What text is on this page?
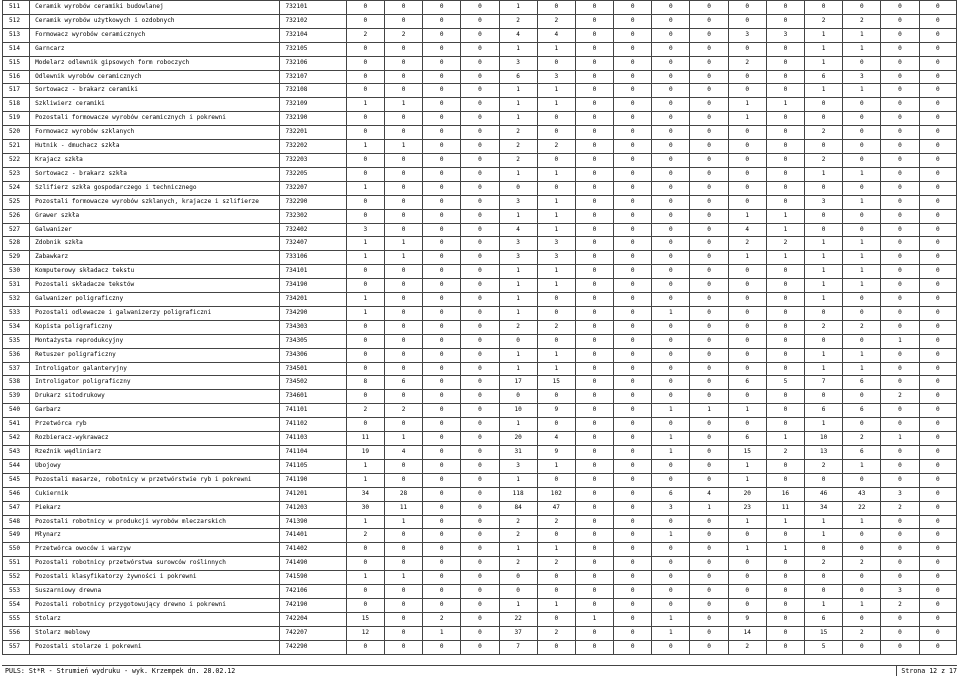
511	Ceramik wyrobów ceramiki budowlanej	732101	0	0	0	0	1	0	0	0	0	0	0	0	0	0	0	0
512	Ceramik wyrobów użytkowych i ozdobnych	732102	0	0	0	0	2	2	0	0	0	0	0	0	2	2	0	0
513	Formowacz wyrobów ceramicznych	732104	2	2	0	0	4	4	0	0	0	0	3	3	1	1	0	0
514	Garncarz	732105	0	0	0	0	1	1	0	0	0	0	0	0	1	1	0	0
515	Modelarz odlewnik gipsowych form roboczych	732106	0	0	0	0	3	0	0	0	0	0	2	0	1	0	0	0
516	Odlewnik wyrobów ceramicznych	732107	0	0	0	0	6	3	0	0	0	0	0	0	6	3	0	0
517	Sortowacz - brakarz ceramiki	732108	0	0	0	0	1	1	0	0	0	0	0	0	1	1	0	0
518	Szkliwierz ceramiki	732109	1	1	0	0	1	1	0	0	0	0	1	1	0	0	0	0
519	Pozostali formowacze wyrobów ceramicznych i pokrewni	732190	0	0	0	0	1	0	0	0	0	0	1	0	0	0	0	0
520	Formowacz wyrobów szklanych	732201	0	0	0	0	2	0	0	0	0	0	0	0	2	0	0	0
521	Hutnik - dmuchacz szkła	732202	1	1	0	0	2	2	0	0	0	0	0	0	0	0	0	0
522	Krajacz szkła	732203	0	0	0	0	2	0	0	0	0	0	0	0	2	0	0	0
523	Sortowacz - brakarz szkła	732205	0	0	0	0	1	1	0	0	0	0	0	0	1	1	0	0
524	Szlifierz szkła gospodarczego i technicznego	732207	1	0	0	0	0	0	0	0	0	0	0	0	0	0	0	0
525	Pozostali formowacze wyrobów szklanych, krajacze i szlifierze	732290	0	0	0	0	3	1	0	0	0	0	0	0	3	1	0	0
526	Grawer szkła	732302	0	0	0	0	1	1	0	0	0	0	1	1	0	0	0	0
527	Galwanizer	732402	3	0	0	0	4	1	0	0	0	0	4	1	0	0	0	0
528	Zdobnik szkła	732407	1	1	0	0	3	3	0	0	0	0	2	2	1	1	0	0
529	Zabawkarz	733106	1	1	0	0	3	3	0	0	0	0	1	1	1	1	0	0
530	Komputerowy składacz tekstu	734101	0	0	0	0	1	1	0	0	0	0	0	0	1	1	0	0
531	Pozostali składacze tekstów	734190	0	0	0	0	1	1	0	0	0	0	0	0	1	1	0	0
532	Galwanizer poligraficzny	734201	1	0	0	0	1	0	0	0	0	0	0	0	1	0	0	0
533	Pozostali odlewacze i galwanizerzy poligraficzni	734290	1	0	0	0	1	0	0	0	1	0	0	0	0	0	0	0
534	Kopista poligraficzny	734303	0	0	0	0	2	2	0	0	0	0	0	0	2	2	0	0
535	Montażysta reprodukcyjny	734305	0	0	0	0	0	0	0	0	0	0	0	0	0	0	1	0
536	Retuszer poligraficzny	734306	0	0	0	0	1	1	0	0	0	0	0	0	1	1	0	0
537	Introligator galanteryjny	734501	0	0	0	0	1	1	0	0	0	0	0	0	1	1	0	0
538	Introligator poligraficzny	734502	8	6	0	0	17	15	0	0	0	0	6	5	7	6	0	0
539	Drukarz sitodrukowy	734601	0	0	0	0	0	0	0	0	0	0	0	0	0	0	2	0
540	Garbarz	741101	2	2	0	0	10	9	0	0	1	1	1	0	6	6	0	0
541	Przetwórca ryb	741102	0	0	0	0	1	0	0	0	0	0	0	0	1	0	0	0
542	Rozbieracz-wykrawacz	741103	11	1	0	0	20	4	0	0	1	0	6	1	10	2	1	0
543	Rzeźnik wędliniarz	741104	19	4	0	0	31	9	0	0	1	0	15	2	13	6	0	0
544	Ubojowy	741105	1	0	0	0	3	1	0	0	0	0	1	0	2	1	0	0
545	Pozostali masarze, robotnicy w przetwórstwie ryb i pokrewni	741190	1	0	0	0	1	0	0	0	0	0	1	0	0	0	0	0
546	Cukiernik	741201	34	28	0	0	118	102	0	0	6	4	20	16	46	43	3	0
547	Piekarz	741203	30	11	0	0	84	47	0	0	3	1	23	11	34	22	2	0
548	Pozostali robotnicy w produkcji wyrobów mleczarskich	741390	1	1	0	0	2	2	0	0	0	0	1	1	1	1	0	0
549	Młynarz	741401	2	0	0	0	2	0	0	0	1	0	0	0	1	0	0	0
550	Przetwórca owoców i warzyw	741402	0	0	0	0	1	1	0	0	0	0	1	1	0	0	0	0
551	Pozostali robotnicy przetwórstwa surowców roślinnych	741490	0	0	0	0	2	2	0	0	0	0	0	0	2	2	0	0
552	Pozostali klasyfikatorzy żywności i pokrewni	741590	1	1	0	0	0	0	0	0	0	0	0	0	0	0	0	0
553	Suszarniowy drewna	742106	0	0	0	0	0	0	0	0	0	0	0	0	0	0	3	0
554	Pozostali robotnicy przygotowujący drewno i pokrewni	742190	0	0	0	0	1	1	0	0	0	0	0	0	1	1	2	0
555	Stolarz	742204	15	0	2	0	22	0	1	0	1	0	9	0	6	0	0	0
556	Stolarz meblowy	742207	12	0	1	0	37	2	0	0	1	0	14	0	15	2	0	0
557	Pozostali stolarze i pokrewni	742290	0	0	0	0	7	0	0	0	0	0	2	0	5	0	0	0
PULS: St*R - Strumień wydruku - wyk. Krzempek dn. 28.02.12	Strona 12 z 17
